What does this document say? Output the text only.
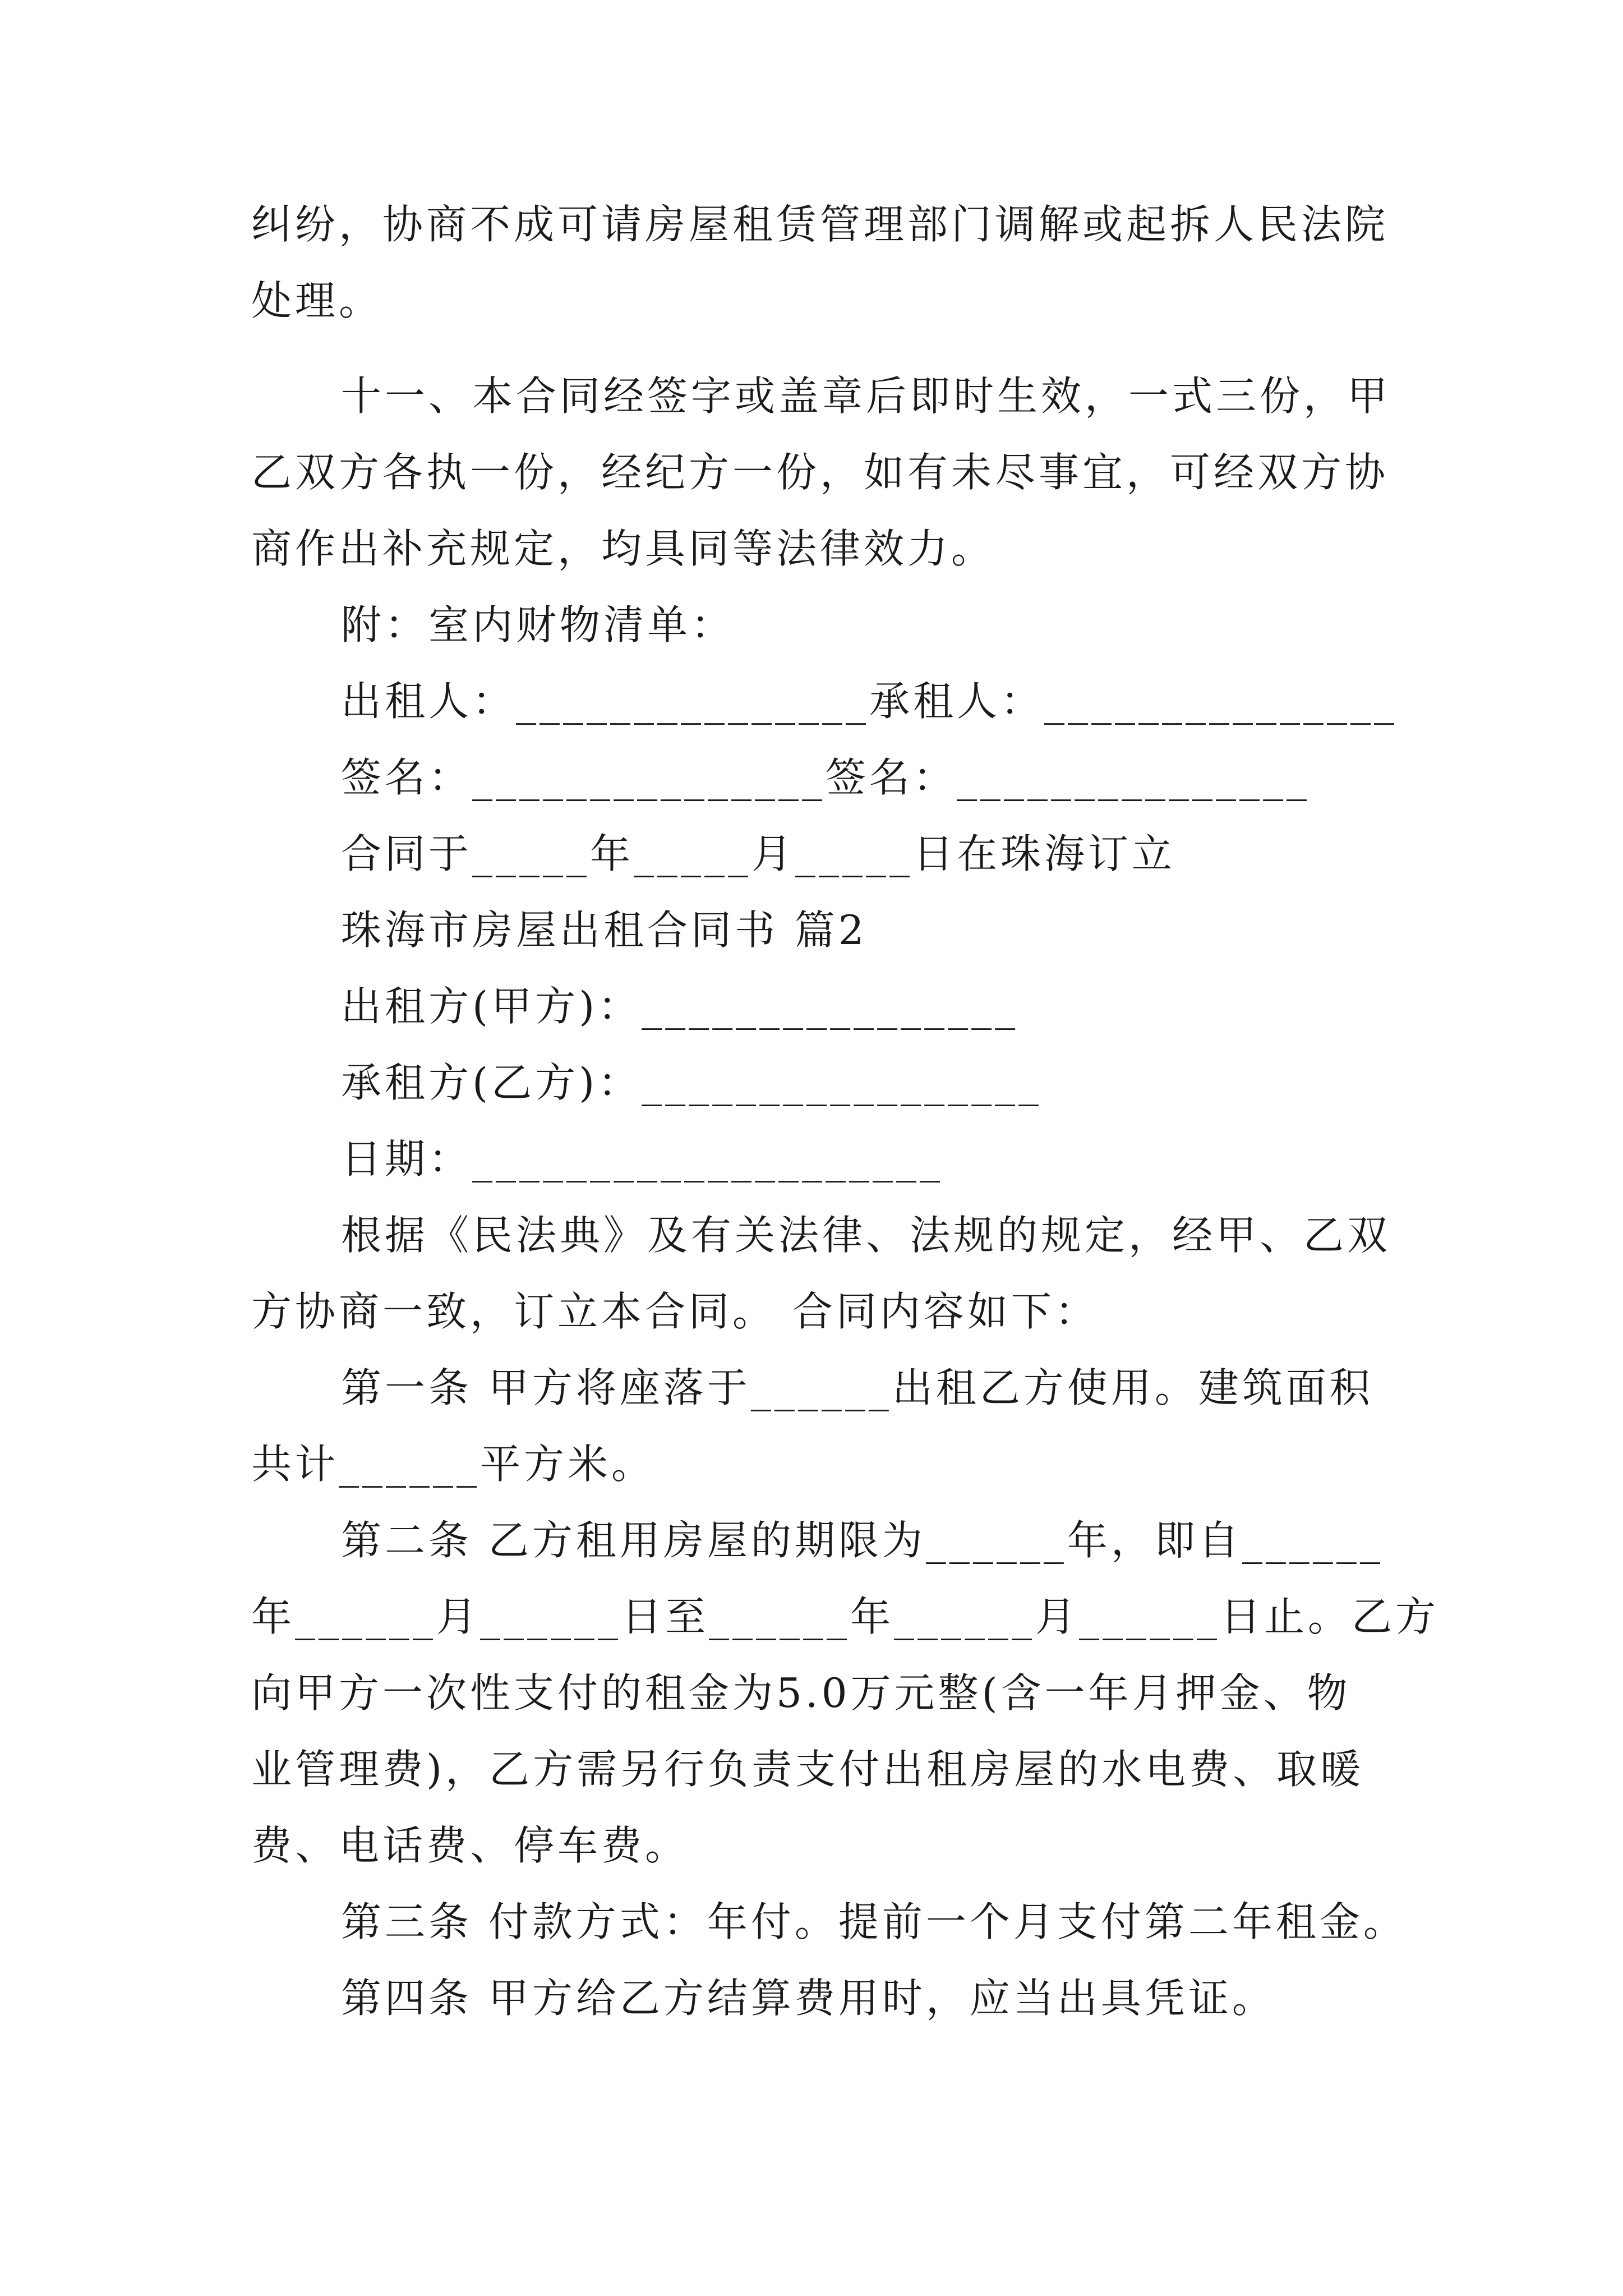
纠纷，协商不成可请房屋租赁管理部门调解或起拆人民法院
处理。
十一、本合同经签字或盖章后即时生效，一式三份，甲
乙双方各执一份，经纪方一份，如有未尽事宜，可经双方协
商作出补充规定，均具同等法律效力。
附：室内财物清单：
出租人：_______________承租人：_______________
签名：_______________签名：_______________
合同于_____年_____月_____日在珠海订立
珠海市房屋出租合同书 篇2
出租方(甲方)：________________
承租方(乙方)：_________________
日期：____________________
根据《民法典》及有关法律、法规的规定，经甲、乙双
方协商一致，订立本合同。 合同内容如下：
第一条 甲方将座落于______出租乙方使用。建筑面积
共计______平方米。
第二条 乙方租用房屋的期限为______年，即自______
年______月______日至______年______月______日止。乙方
向甲方一次性支付的租金为5.0万元整(含一年月押金、物
业管理费)，乙方需另行负责支付出租房屋的水电费、取暖
费、电话费、停车费。
第三条 付款方式：年付。提前一个月支付第二年租金。
第四条 甲方给乙方结算费用时，应当出具凭证。
